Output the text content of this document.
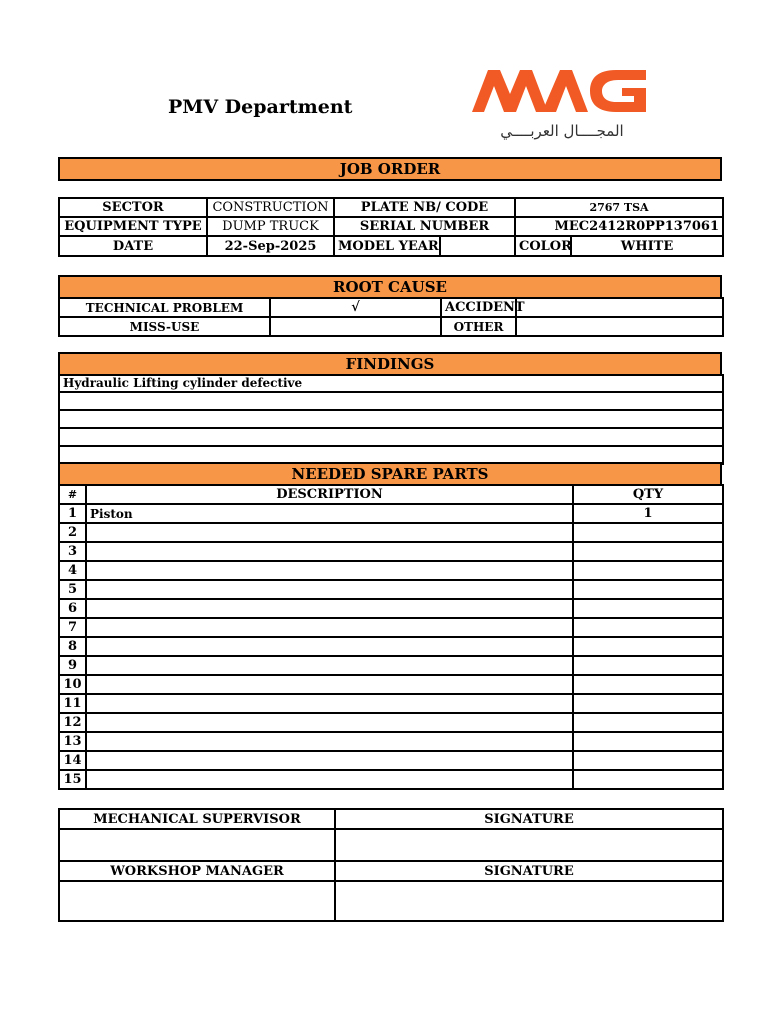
PMV Department
المجــــال العربــــي
JOB ORDER
SECTOR	CONSTRUCTION	PLATE NB/ CODE	2767 TSA
EQUIPMENT TYPE	DUMP TRUCK	SERIAL NUMBER	MEC2412R0PP137061
DATE	22-Sep-2025	MODEL YEAR		COLOR	WHITE
ROOT CAUSE
TECHNICAL PROBLEM	√	ACCIDENT	
MISS-USE		OTHER	
FINDINGS
Hydraulic Lifting cylinder defective

NEEDED SPARE PARTS
#	DESCRIPTION	QTY
1	Piston	1
2		
3		
4		
5		
6		
7		
8		
9		
10		
11		
12		
13		
14		
15		
MECHANICAL SUPERVISOR	SIGNATURE

WORKSHOP MANAGER	SIGNATURE
